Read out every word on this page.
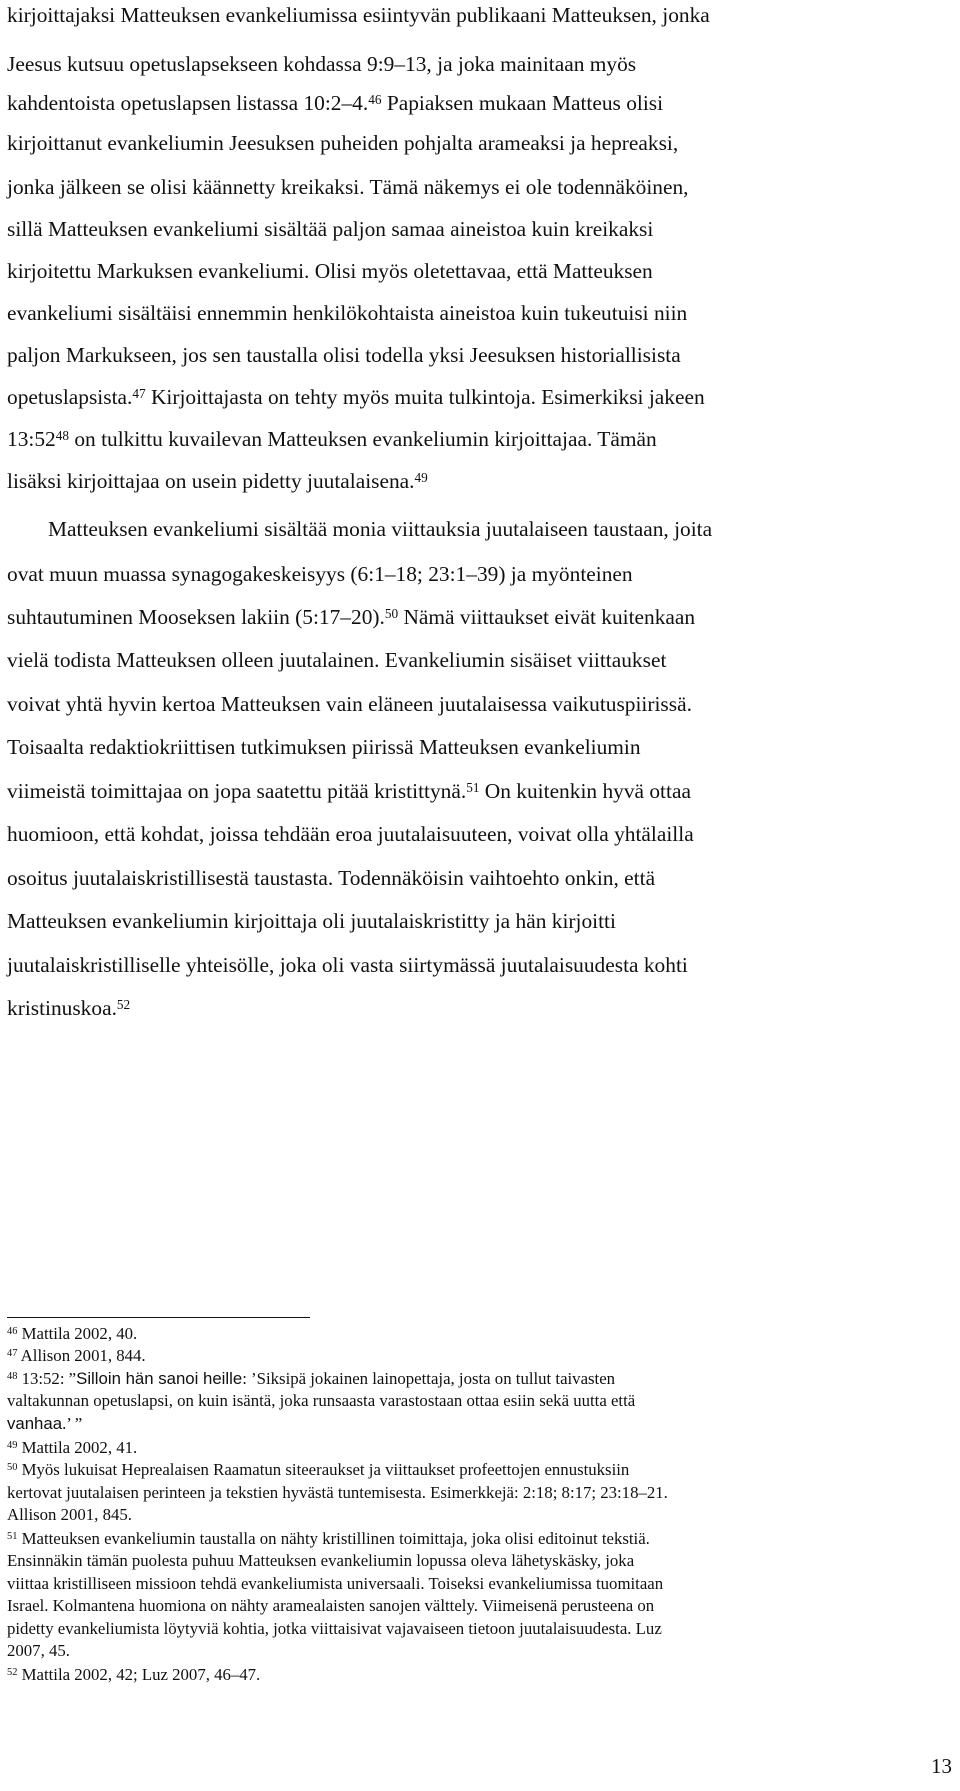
kirjoittajaksi Matteuksen evankeliumissa esiintyvän publikaani Matteuksen, jonka
Jeesus kutsuu opetuslapsekseen kohdassa 9:9–13, ja joka mainitaan myös
kahdentoista opetuslapsen listassa 10:2–4.46 Papiaksen mukaan Matteus olisi
kirjoittanut evankeliumin Jeesuksen puheiden pohjalta arameaksi ja hepreaksi,
jonka jälkeen se olisi käännetty kreikaksi. Tämä näkemys ei ole todennäköinen,
sillä Matteuksen evankeliumi sisältää paljon samaa aineistoa kuin kreikaksi
kirjoitettu Markuksen evankeliumi. Olisi myös oletettavaa, että Matteuksen
evankeliumi sisältäisi ennemmin henkilökohtaista aineistoa kuin tukeutuisi niin
paljon Markukseen, jos sen taustalla olisi todella yksi Jeesuksen historiallisista
opetuslapsista.$^{47}$ Kirjoittajasta on tehty myös muita tulkintoja. Esimerkiksi jakeen
$13:52^{48}$ on tulkittu kuvailevan Matteuksen evankeliumin kirjoittajaa. Tämän
lisäksi kirjoittajaa on usein pidetty juutalaisena.$^{49}$
Matteuksen evankeliumi sisältää monia viittauksia juutalaiseen taustaan, joita
ovat muun muassa synagogakeskeisyys (6:1–18; 23:1–39) ja myönteinen
suhtautuminen Mooseksen lakiin (5:17–20).$^{50}$ Nämä viittaukset eivät kuitenkaan
vielä todista Matteuksen olleen juutalainen. Evankeliumin sisäiset viittaukset
voivat yhtä hyvin kertoa Matteuksen vain eläneen juutalaisessa vaikutuspiirissä.
Toisaalta redaktiokriittisen tutkimuksen piirissä Matteuksen evankeliumin
viimeistä toimittajaa on jopa saatettu pitää kristittynä.$^{51}$ On kuitenkin hyvä ottaa
huomioon, että kohdat, joissa tehdään eroa juutalaisuuteen, voivat olla yhtälailla
osoitus juutalaiskristillisestä taustasta. Todennäköisin vaihtoehto onkin, että
Matteuksen evankeliumin kirjoittaja oli juutalaiskristitty ja hän kirjoitti
juutalaiskristilliselle yhteisölle, joka oli vasta siirtymässä juutalaisuudesta kohti
kristinuskoa.$^{52}$
$^{46}$ Mattila 2002, 40.
$^{47}$ Allison 2001, 844.
$^{48}$ 13:52: ”Silloin hän sanoi heille: ’Siksipä jokainen lainopettaja, josta on tullut taivasten
valtakunnan opetuslapsi, on kuin isäntä, joka runsaasta varastostaan ottaa esiin sekä uutta että
vanhaa.’ ”
$^{49}$ Mattila 2002, 41.
$^{50}$ Myös lukuisat Heprealaisen Raamatun siteeraukset ja viittaukset profeettojen ennustuksiin
kertovat juutalaisen perinteen ja tekstien hyvästä tuntemisesta. Esimerkkejä: 2:18; 8:17; 23:18–21.
Allison 2001, 845.
$^{51}$ Matteuksen evankeliumin taustalla on nähty kristillinen toimittaja, joka olisi editoinut tekstiä.
Ensinnäkin tämän puolesta puhuu Matteuksen evankeliumin lopussa oleva lähetyskäsky, joka
viittaa kristilliseen missioon tehdä evankeliumista universaali. Toiseksi evankeliumissa tuomitaan
Israel. Kolmantena huomiona on nähty aramealaisten sanojen välttely. Viimeisenä perusteena on
pidetty evankeliumista löytyviä kohtia, jotka viittaisivat vajavaiseen tietoon juutalaisuudesta. Luz
2007, 45.
$^{52}$ Mattila 2002, 42; Luz 2007, 46–47.
13
